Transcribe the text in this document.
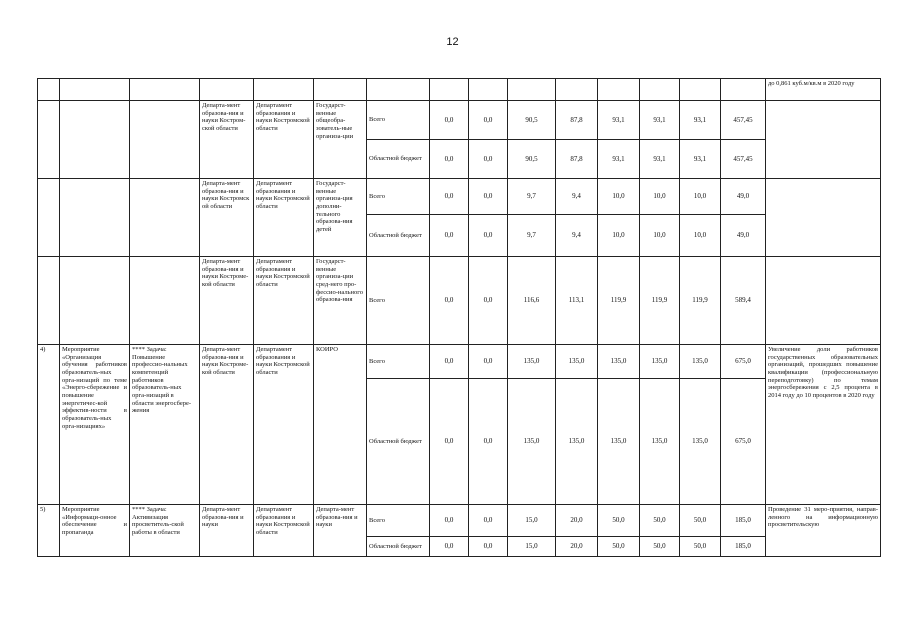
12
															до 0,861 куб.м/кв.м в 2020 году
			Департа-мент образова-ния и науки Костром-ской области	Департамент образования и науки Костромской области	Государст-венные общеобра-зователь-ные организа-ции	Всего	0,0	0,0	90,5	87,8	93,1	93,1	93,1	457,45	
						Областной бюджет	0,0	0,0	90,5	87,8	93,1	93,1	93,1	457,45	
			Департа-мент образова-ния и науки Костромск ой области	Департамент образования и науки Костромской области	Государст-венные организа-ция дополни-тельного образова-ния детей	Всего	0,0	0,0	9,7	9,4	10,0	10,0	10,0	49,0	
						Областной бюджет	0,0	0,0	9,7	9,4	10,0	10,0	10,0	49,0	
			Департа-мент образова-ния и науки Костроме-кой области	Департамент образования и науки Костромской области	Государст-венные организа-ции сред-него про-фессио-нального образова-ния	Всего	0,0	0,0	116,6	113,1	119,9	119,9	119,9	589,4	
4)	Мероприятие «Организация обучения работников образователь-ных орга-низаций по теме «Энерго-сбережение и повышение энергетичес-кой эффектив-ности в образователь-ных орга-низациях»	**** Задача: Повышение профессио-нальных компетенций работников образователь-ных орга-низаций в области энергосбере-жения	Департа-мент образова-ния и науки Костроме-кой области	Департамент образования и науки Костромской области	КОИРО	Всего	0,0	0,0	135,0	135,0	135,0	135,0	135,0	675,0	Увеличение доли работников государственных образовательных организаций, прошедших повышение квалификации (профессиональную переподготовку) по темам энергосбережения с 2,5 процента в 2014 году до 10 процентов в 2020 году
						Областной бюджет	0,0	0,0	135,0	135,0	135,0	135,0	135,0	675,0	
5)	Мероприятие «Информаци-онное обеспечение и пропаганда	**** Задача: Активизация просветитель-ской работы в области	Департа-мент образова-ния и науки	Департамент образования и науки Костромской области	Департа-мент образова-ния и науки	Всего	0,0	0,0	15,0	20,0	50,0	50,0	50,0	185,0	Проведение 31 меро-приятия, направ-ленного на информационную просветительскую
						Областной бюджет	0,0	0,0	15,0	20,0	50,0	50,0	50,0	185,0	
